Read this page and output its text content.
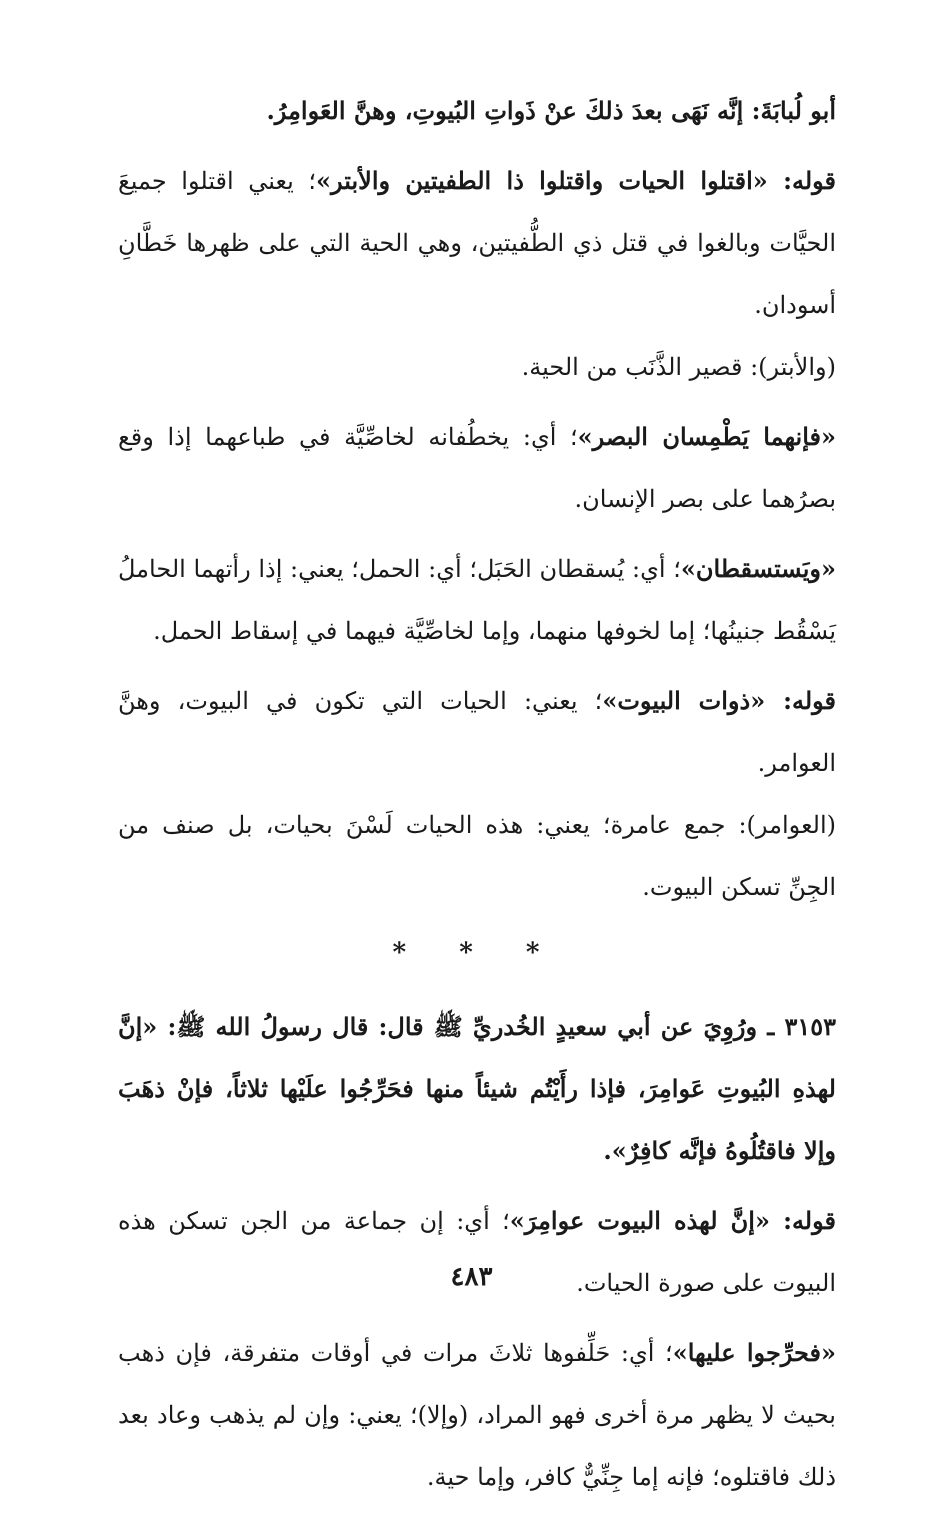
أبو لُبابَةَ: إنَّه نَهَى بعدَ ذلكَ عنْ ذَواتِ البُيوتِ، وهنَّ العَوامِرُ.

قوله: «اقتلوا الحيات واقتلوا ذا الطفيتين والأبتر»؛ يعني اقتلوا جميعَ الحيَّات وبالغوا في قتل ذي الطُّفيتين، وهي الحية التي على ظهرها خَطَّانِ أسودان.

(والأبتر): قصير الذَّنَب من الحية.

«فإنهما يَطْمِسان البصر»؛ أي: يخطُفانه لخاصِّيَّة في طباعهما إذا وقع بصرُهما على بصر الإنسان.

«ويَستسقطان»؛ أي: يُسقطان الحَبَل؛ أي: الحمل؛ يعني: إذا رأتهما الحاملُ يَسْقُط جنينُها؛ إما لخوفها منهما، وإما لخاصِّيَّة فيهما في إسقاط الحمل.

قوله: «ذوات البيوت»؛ يعني: الحيات التي تكون في البيوت، وهنَّ العوامر.

(العوامر): جمع عامرة؛ يعني: هذه الحيات لَسْنَ بحيات، بل صنف من الجِنِّ تسكن البيوت.

* * *

٣١٥٣ ـ ورُوِيَ عن أبي سعيدٍ الخُدريِّ ﷺ قال: قال رسولُ الله ﷺ: «إنَّ لهذهِ البُيوتِ عَوامِرَ، فإذا رأَيْتُم شيئاً منها فحَرِّجُوا علَيْها ثلاثاً، فإنْ ذهَبَ وإلا فاقتُلُوهُ فإنَّه كافِرٌ».

قوله: «إنَّ لهذه البيوت عوامِرَ»؛ أي: إن جماعة من الجن تسكن هذه البيوت على صورة الحيات.

«فحرِّجوا عليها»؛ أي: حَلِّفوها ثلاثَ مرات في أوقات متفرقة، فإن ذهب بحيث لا يظهر مرة أخرى فهو المراد، (وإلا)؛ يعني: وإن لم يذهب وعاد بعد ذلك فاقتلوه؛ فإنه إما جِنِّيٌّ كافر، وإما حية.

٤٨٣
